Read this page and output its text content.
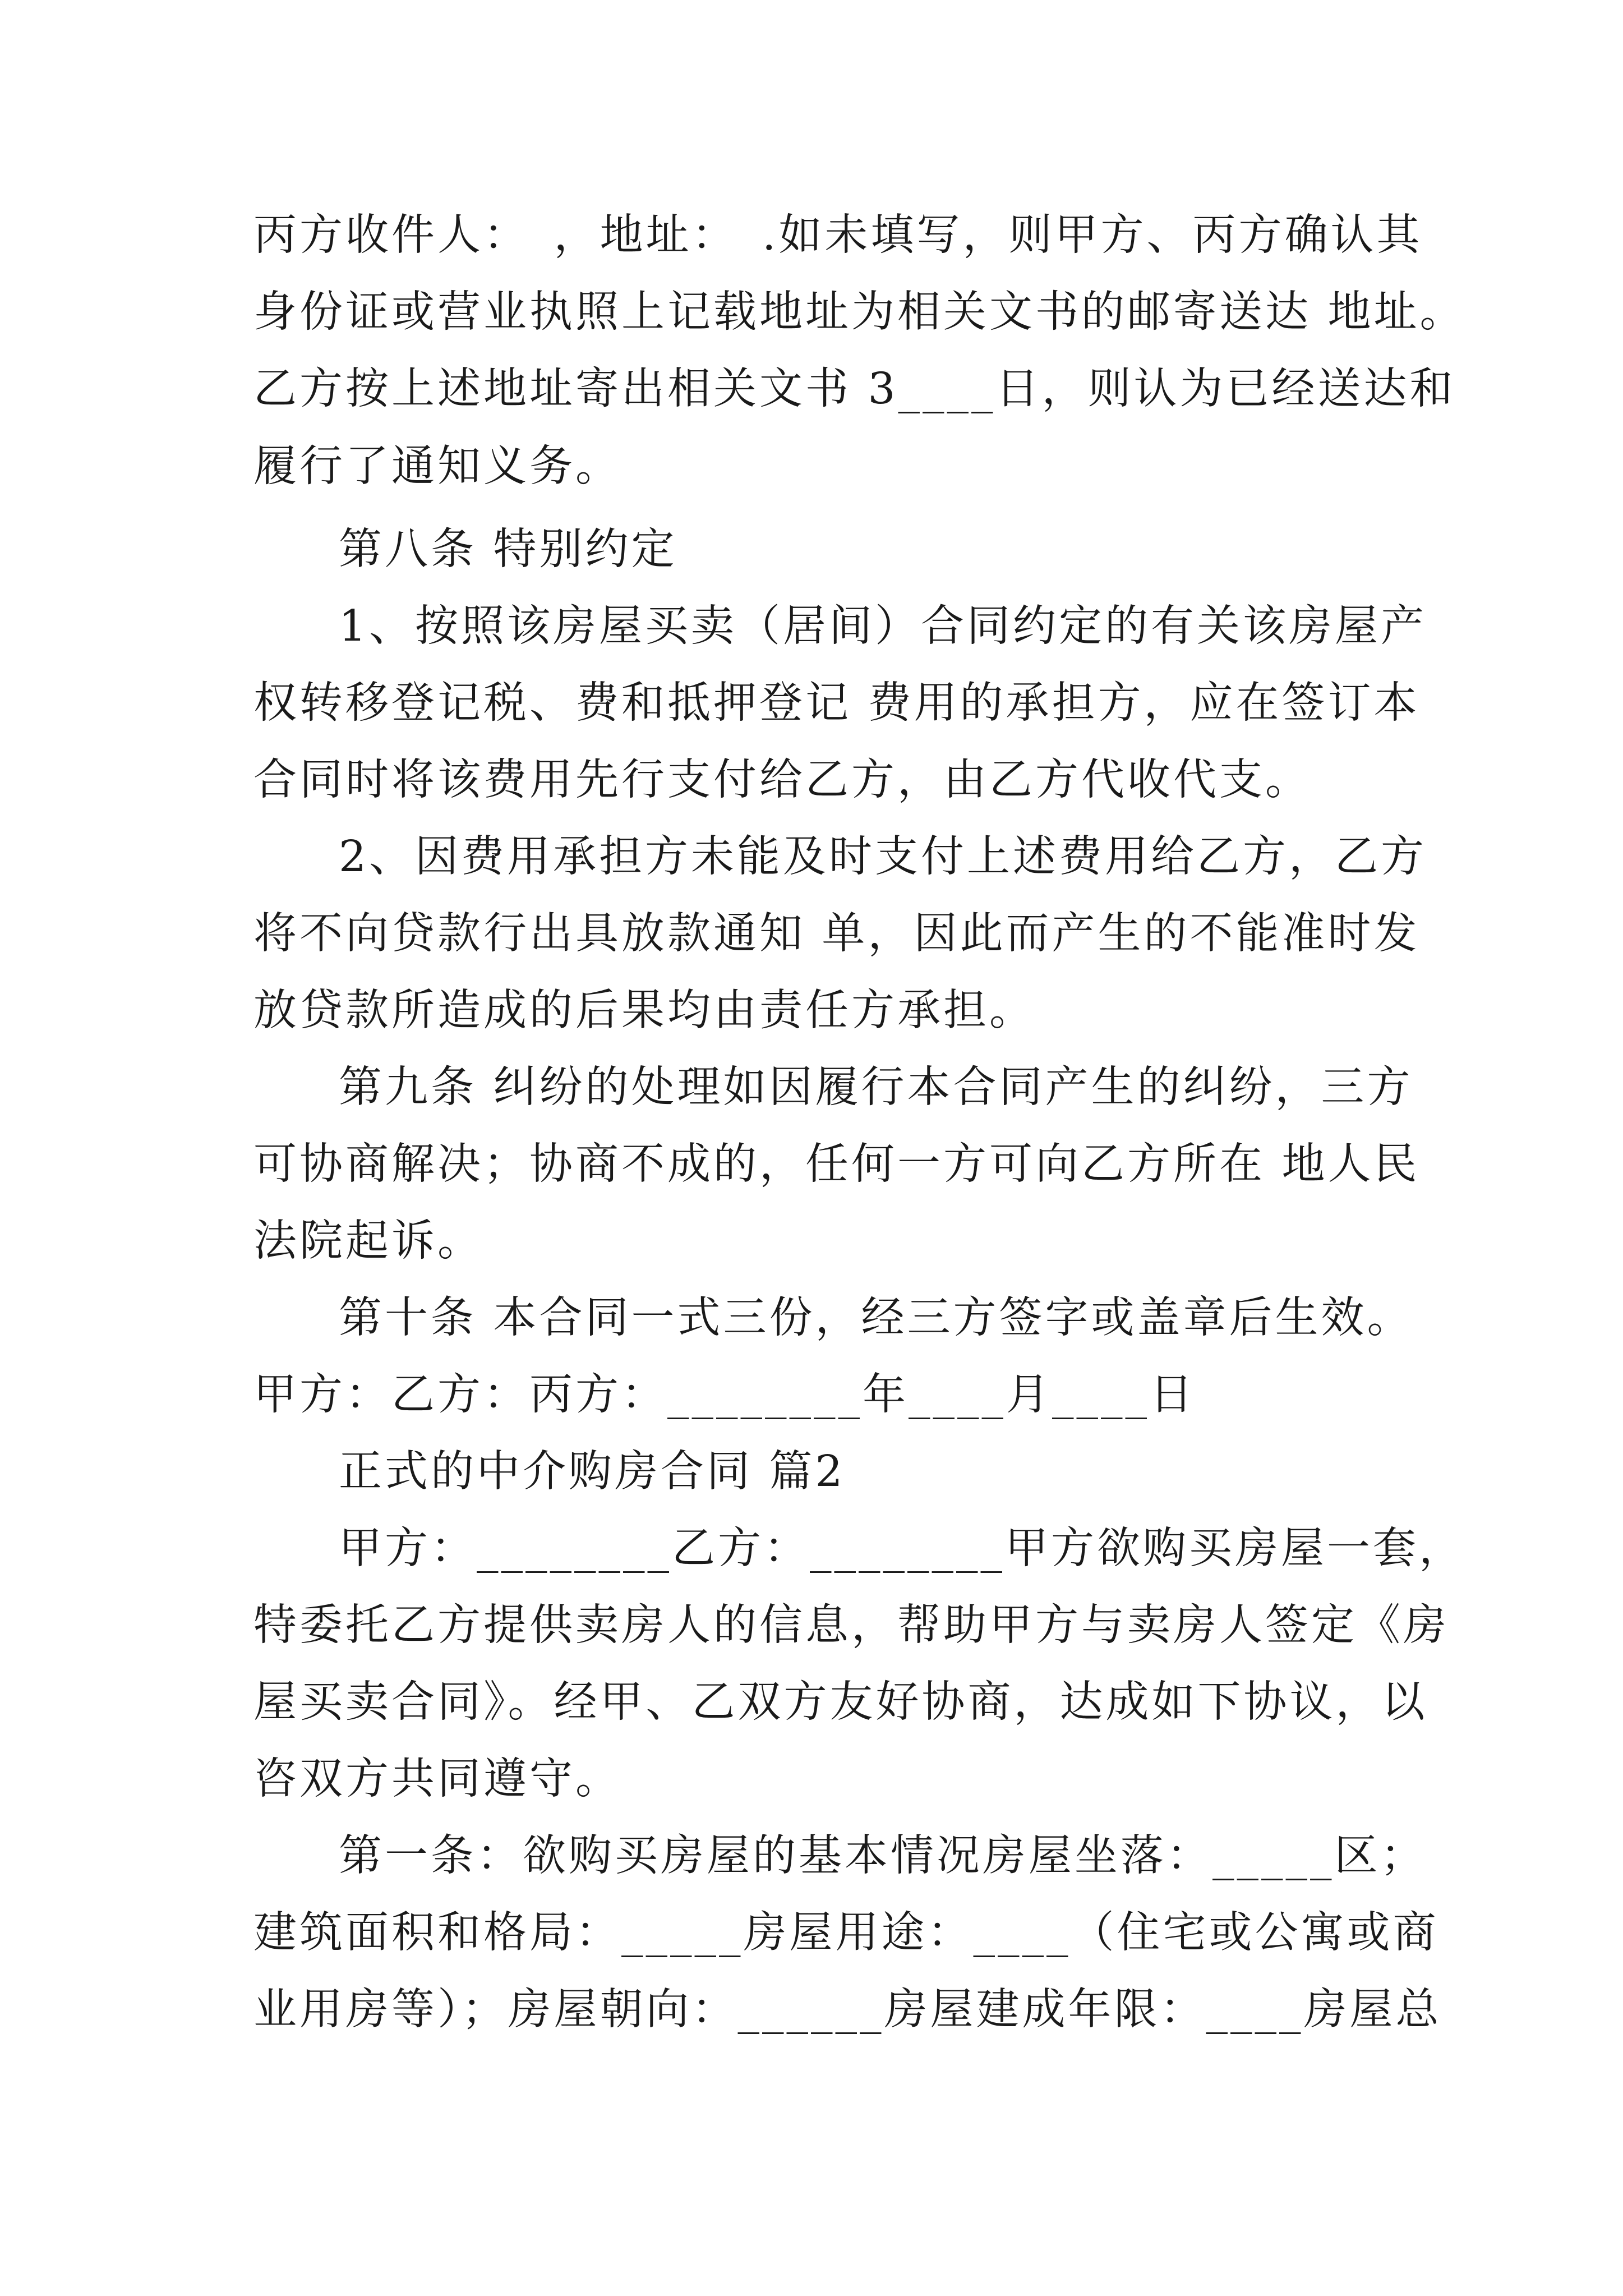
丙方收件人：　，地址：　.如未填写，则甲方、丙方确认其
身份证或营业执照上记载地址为相关文书的邮寄送达 地址。
乙方按上述地址寄出相关文书 3____日，则认为已经送达和
履行了通知义务。
第八条 特别约定
1、按照该房屋买卖（居间）合同约定的有关该房屋产
权转移登记税、费和抵押登记 费用的承担方，应在签订本
合同时将该费用先行支付给乙方，由乙方代收代支。
2、因费用承担方未能及时支付上述费用给乙方，乙方
将不向贷款行出具放款通知 单，因此而产生的不能准时发
放贷款所造成的后果均由责任方承担。
第九条 纠纷的处理如因履行本合同产生的纠纷，三方
可协商解决；协商不成的，任何一方可向乙方所在 地人民
法院起诉。
第十条 本合同一式三份，经三方签字或盖章后生效。
甲方：乙方：丙方：________年____月____日
正式的中介购房合同 篇2
甲方：________乙方：________甲方欲购买房屋一套，
特委托乙方提供卖房人的信息，帮助甲方与卖房人签定《房
屋买卖合同》。经甲、乙双方友好协商，达成如下协议，以
咨双方共同遵守。
第一条：欲购买房屋的基本情况房屋坐落：_____区；
建筑面积和格局：_____房屋用途：____（住宅或公寓或商
业用房等）；房屋朝向：______房屋建成年限：____房屋总
